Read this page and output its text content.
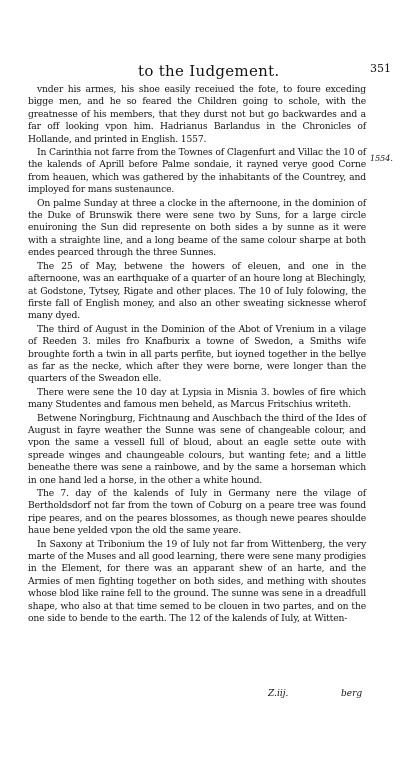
to the Iudgement.	351
1554.

vnder his armes, his shoe easily receiued the fote, to foure exceding bigge men, and he so feared the Children going to schole, with the greatnesse of his members, that they durst not but go backwardes and a far off looking vpon him. Hadrianus Barlandus in the Chronicles of Hollande, and printed in English. 1557.

In Carinthia not farre from the Townes of Clagenfurt and Villac the 10 of the kalends of Aprill before Palme sondaie, it rayned verye good Corne from heauen, which was gathered by the inhabitants of the Countrey, and imployed for mans sustenaunce.

On palme Sunday at three a clocke in the afternoone, in the dominion of the Duke of Brunswik there were sene two by Suns, for a large circle enuironing the Sun did represente on both sides a by sunne as it were with a straighte line, and a long beame of the same colour sharpe at both endes pearced through the three Sunnes.

The 25 of May, betwene the howers of eleuen, and one in the afternoone, was an earthquake of a quarter of an houre long at Blechingly, at Godstone, Tytsey, Rigate and other places. The 10 of Iuly folowing, the firste fall of English money, and also an other sweating sicknesse wherof many dyed.

The third of August in the Dominion of the Abot of Vrenium in a vilage of Reeden 3. miles fro Knafburix a towne of Swedon, a Smiths wife broughte forth a twin in all parts perfite, but ioyned together in the bellye as far as the necke, which after they were borne, were longer than the quarters of the Sweadon elle.

There were sene the 10 day at Lypsia in Misnia 3. bowles of fire which many Studentes and famous men beheld, as Marcus Fritschius writeth.

Betwene Noringburg, Fichtnaung and Auschbach the third of the Ides of August in fayre weather the Sunne was sene of changeable colour, and vpon the same a vessell full of bloud, about an eagle sette oute with spreade winges and chaungeable colours, but wanting fete; and a little beneathe there was sene a rainbowe, and by the same a horseman which in one hand led a horse, in the other a white hound.

The 7. day of the kalends of Iuly in Germany nere the vilage of Bertholdsdorf not far from the town of Coburg on a peare tree was found ripe peares, and on the peares blossomes, as though newe peares shoulde haue bene yelded vpon the old the same yeare.

In Saxony at Tribonium the 19 of Iuly not far from Wittenberg, the very marte of the Muses and all good learning, there were sene many prodigies in the Element, for there was an apparant shew of an harte, and the Armies of men fighting together on both sides, and mething with shoutes whose blod like raine fell to the ground. The sunne was sene in a dreadfull shape, who also at that time semed to be clouen in two partes, and on the one side to bende to the earth. The 12 of the kalends of Iuly, at Witten-

Z.iij.	berg
